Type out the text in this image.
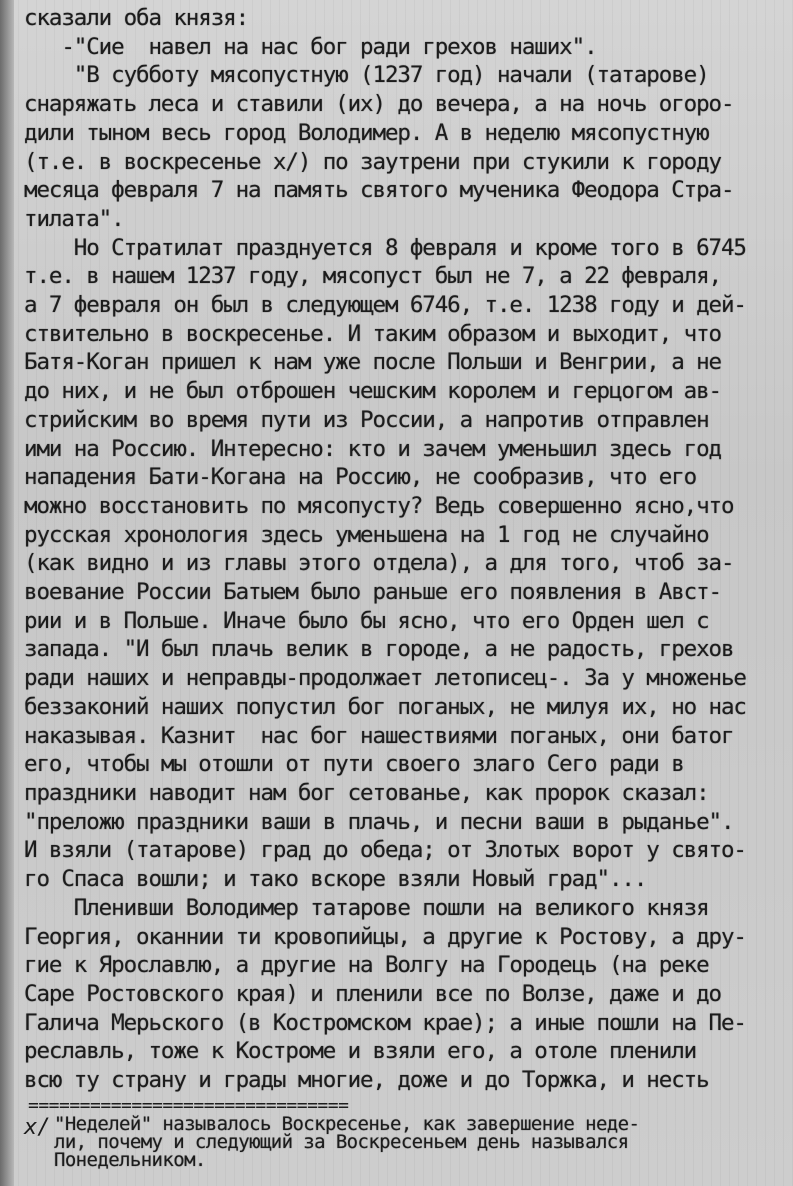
сказали оба князя:
-"Сие  навел на нас бог ради грехов наших".
"В субботу мясопустную (1237 год) начали (татарове)
снаряжать леса и ставили (их) до вечера, а на ночь огоро-
дили тыном весь город Володимер. А в неделю мясопустную
(т.е. в воскресенье х/) по заутрени при стукили к городу
месяца февраля 7 на память святого мученика Феодора Стра-
тилата".
Но Стратилат празднуется 8 февраля и кроме того в 6745
т.е. в нашем 1237 году, мясопуст был не 7, а 22 февраля,
а 7 февраля он был в следующем 6746, т.е. 1238 году и дей-
ствительно в воскресенье. И таким образом и выходит, что
Батя-Коган пришел к нам уже после Польши и Венгрии, а не
до них, и не был отброшен чешским королем и герцогом ав-
стрийским во время пути из России, а напротив отправлен
ими на Россию. Интересно: кто и зачем уменьшил здесь год
нападения Бати-Когана на Россию, не сообразив, что его
можно восстановить по мясопусту? Ведь совершенно ясно,что
русская хронология здесь уменьшена на 1 год не случайно
(как видно и из главы этого отдела), а для того, чтоб за-
воевание России Батыем было раньше его появления в Авст-
рии и в Польше. Иначе было бы ясно, что его Орден шел с
запада. "И был плачь велик в городе, а не радость, грехов
ради наших и неправды-продолжает летописец-. За у множенье
беззаконий наших попустил бог поганых, не милуя их, но нас
наказывая. Казнит  нас бог нашествиями поганых, они батог
его, чтобы мы отошли от пути своего злаго Сего ради в
праздники наводит нам бог сетованье, как пророк сказал:
"преложю праздники ваши в плачь, и песни ваши в рыданье".
И взяли (татарове) град до обеда; от Злотых ворот у свято-
го Спаса вошли; и тако вскоре взяли Новый град"...
Пленивши Володимер татарове пошли на великого князя
Георгия, оканнии ти кровопийцы, а другие к Ростову, а дру-
гие к Ярославлю, а другие на Волгу на Городець (на реке
Саре Ростовского края) и пленили все по Волзе, даже и до
Галича Мерьского (в Костромском крае); а иные пошли на Пе-
реславль, тоже к Костроме и взяли его, а отоле пленили
всю ту страну и грады многие, доже и до Торжка, и несть
===============================
х/ "Неделей" называлось Воскресенье, как завершение неде-
ли, почему и следующий за Воскресеньем день назывался
Понедельником.
